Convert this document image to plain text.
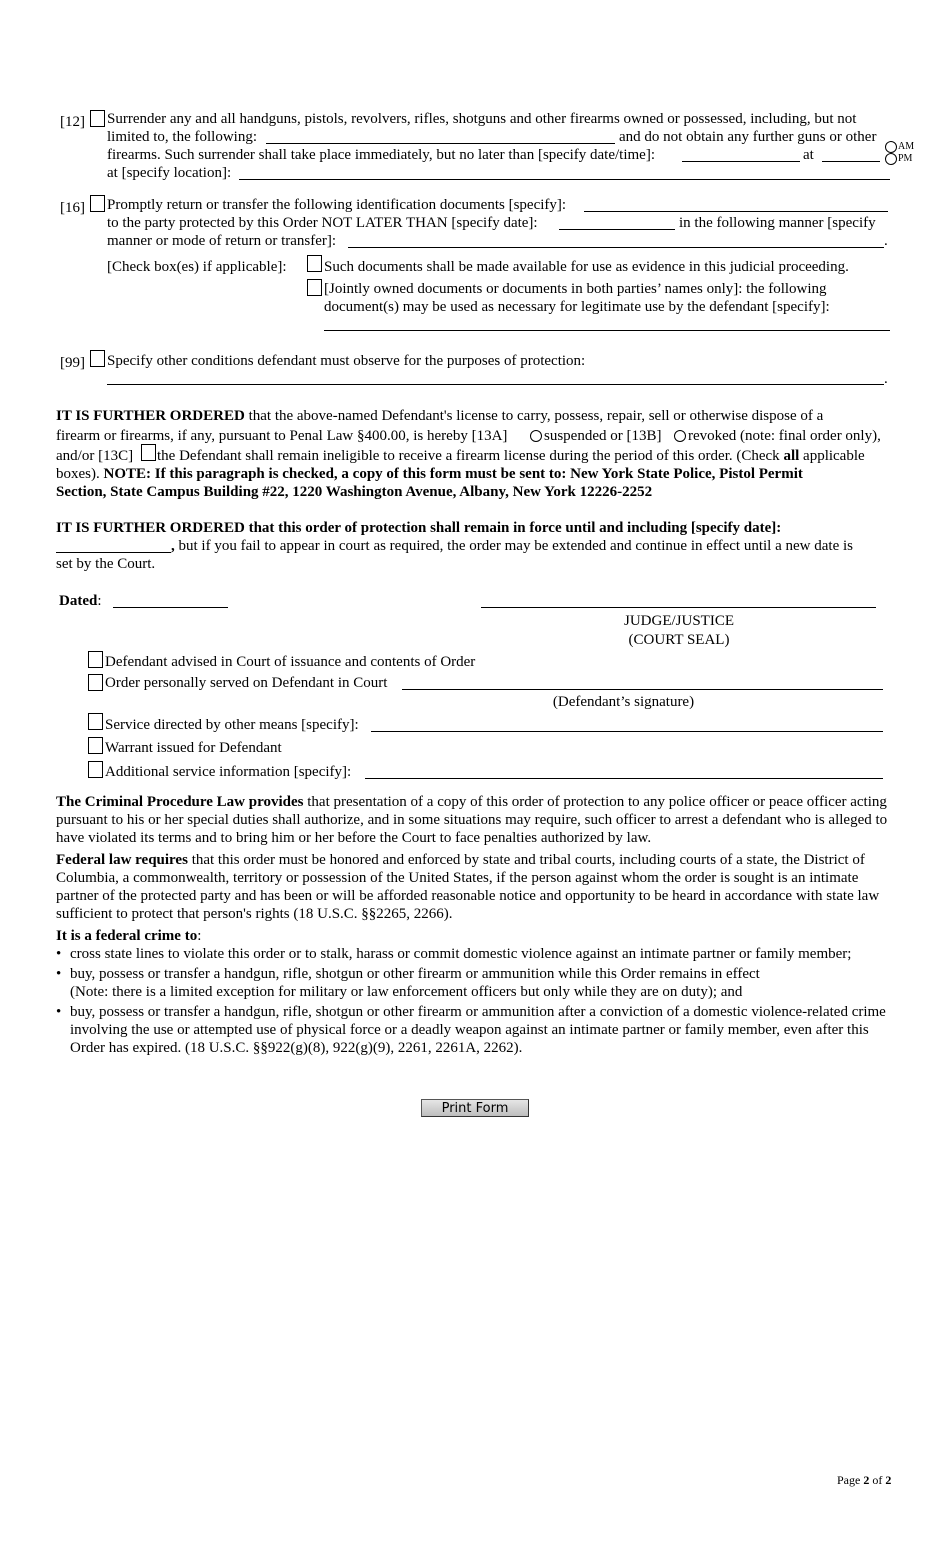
[12] Surrender any and all handguns, pistols, revolvers, rifles, shotguns and other firearms owned or possessed, including, but not
limited to, the following:	and do not obtain any further guns or other
firearms. Such surrender shall take place immediately, but no later than [specify date/time]:	at
AM
PM
at [specify location]:
[16] Promptly return or transfer the following identification documents [specify]:
to the party protected by this Order NOT LATER THAN [specify date]:	in the following manner [specify
manner or mode of return or transfer]:	.
[Check box(es) if applicable]: Such documents shall be made available for use as evidence in this judicial proceeding.
[Jointly owned documents or documents in both parties’ names only]: the following
document(s) may be used as necessary for legitimate use by the defendant [specify]:
[99] Specify other conditions defendant must observe for the purposes of protection:
.
IT IS FURTHER ORDERED that the above-named Defendant's license to carry, possess, repair, sell or otherwise dispose of a
firearm or firearms, if any, pursuant to Penal Law §400.00, is hereby [13A] suspended or [13B] revoked (note: final order only),
and/or [13C] the Defendant shall remain ineligible to receive a firearm license during the period of this order. (Check all applicable
boxes). NOTE: If this paragraph is checked, a copy of this form must be sent to: New York State Police, Pistol Permit
Section, State Campus Building #22, 1220 Washington Avenue, Albany, New York 12226-2252
IT IS FURTHER ORDERED that this order of protection shall remain in force until and including [specify date]:
, but if you fail to appear in court as required, the order may be extended and continue in effect until a new date is
set by the Court.
Dated:
JUDGE/JUSTICE
(COURT SEAL)
Defendant advised in Court of issuance and contents of Order
Order personally served on Defendant in Court
(Defendant’s signature)
Service directed by other means [specify]:
Warrant issued for Defendant
Additional service information [specify]:
The Criminal Procedure Law provides that presentation of a copy of this order of protection to any police officer or peace officer acting pursuant to his or her special duties shall authorize, and in some situations may require, such officer to arrest a defendant who is alleged to have violated its terms and to bring him or her before the Court to face penalties authorized by law.
Federal law requires that this order must be honored and enforced by state and tribal courts, including courts of a state, the District of Columbia, a commonwealth, territory or possession of the United States, if the person against whom the order is sought is an intimate partner of the protected party and has been or will be afforded reasonable notice and opportunity to be heard in accordance with state law sufficient to protect that person's rights (18 U.S.C. §§2265, 2266).
It is a federal crime to:
• cross state lines to violate this order or to stalk, harass or commit domestic violence against an intimate partner or family member;
• buy, possess or transfer a handgun, rifle, shotgun or other firearm or ammunition while this Order remains in effect
(Note: there is a limited exception for military or law enforcement officers but only while they are on duty); and
• buy, possess or transfer a handgun, rifle, shotgun or other firearm or ammunition after a conviction of a domestic violence-related crime involving the use or attempted use of physical force or a deadly weapon against an intimate partner or family member, even after this Order has expired. (18 U.S.C. §§922(g)(8), 922(g)(9), 2261, 2261A, 2262).
Print Form
Page 2 of 2
